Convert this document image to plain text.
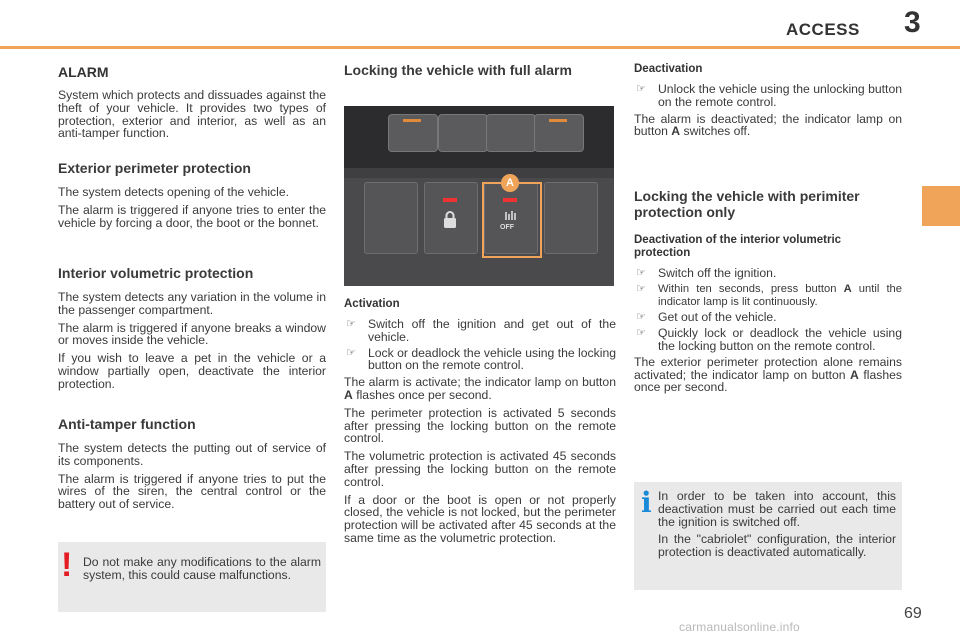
ACCESS 3
ALARM

System which protects and dissuades against the theft of your vehicle. It provides two types of protection, exterior and interior, as well as an anti-tamper function.

Exterior perimeter protection

The system detects opening of the vehicle.

The alarm is triggered if anyone tries to enter the vehicle by forcing a door, the boot or the bonnet.

Interior volumetric protection

The system detects any variation in the volume in the passenger compartment.

The alarm is triggered if anyone breaks a window or moves inside the vehicle.

If you wish to leave a pet in the vehicle or a window partially open, deactivate the interior protection.

Anti-tamper function

The system detects the putting out of service of its components.

The alarm is triggered if anyone tries to put the wires of the siren, the central control or the battery out of service.

! Do not make any modifications to the alarm system, this could cause malfunctions.

Locking the vehicle with full alarm
OFF
A
Activation
☞ Switch off the ignition and get out of the vehicle.
☞ Lock or deadlock the vehicle using the locking button on the remote control.

The alarm is activate; the indicator lamp on button A flashes once per second.

The perimeter protection is activated 5 seconds after pressing the locking button on the remote control.

The volumetric protection is activated 45 seconds after pressing the locking button on the remote control.

If a door or the boot is open or not properly closed, the vehicle is not locked, but the perimeter protection will be activated after 45 seconds at the same time as the volumetric protection.

Deactivation
☞ Unlock the vehicle using the unlocking button on the remote control.

The alarm is deactivated; the indicator lamp on button A switches off.

Locking the vehicle with perimiter protection only
Deactivation of the interior volumetric protection
☞ Switch off the ignition.
☞	Within ten seconds, press button A until the indicator lamp is lit continuously.
☞ Get out of the vehicle.
☞ Quickly lock or deadlock the vehicle using the locking button on the remote control.

The exterior perimeter protection alone remains activated; the indicator lamp on button A flashes once per second.

i In order to be taken into account, this deactivation must be carried out each time the ignition is switched off.

In the "cabriolet" configuration, the interior protection is deactivated automatically.

69
carmanualsonline.info
